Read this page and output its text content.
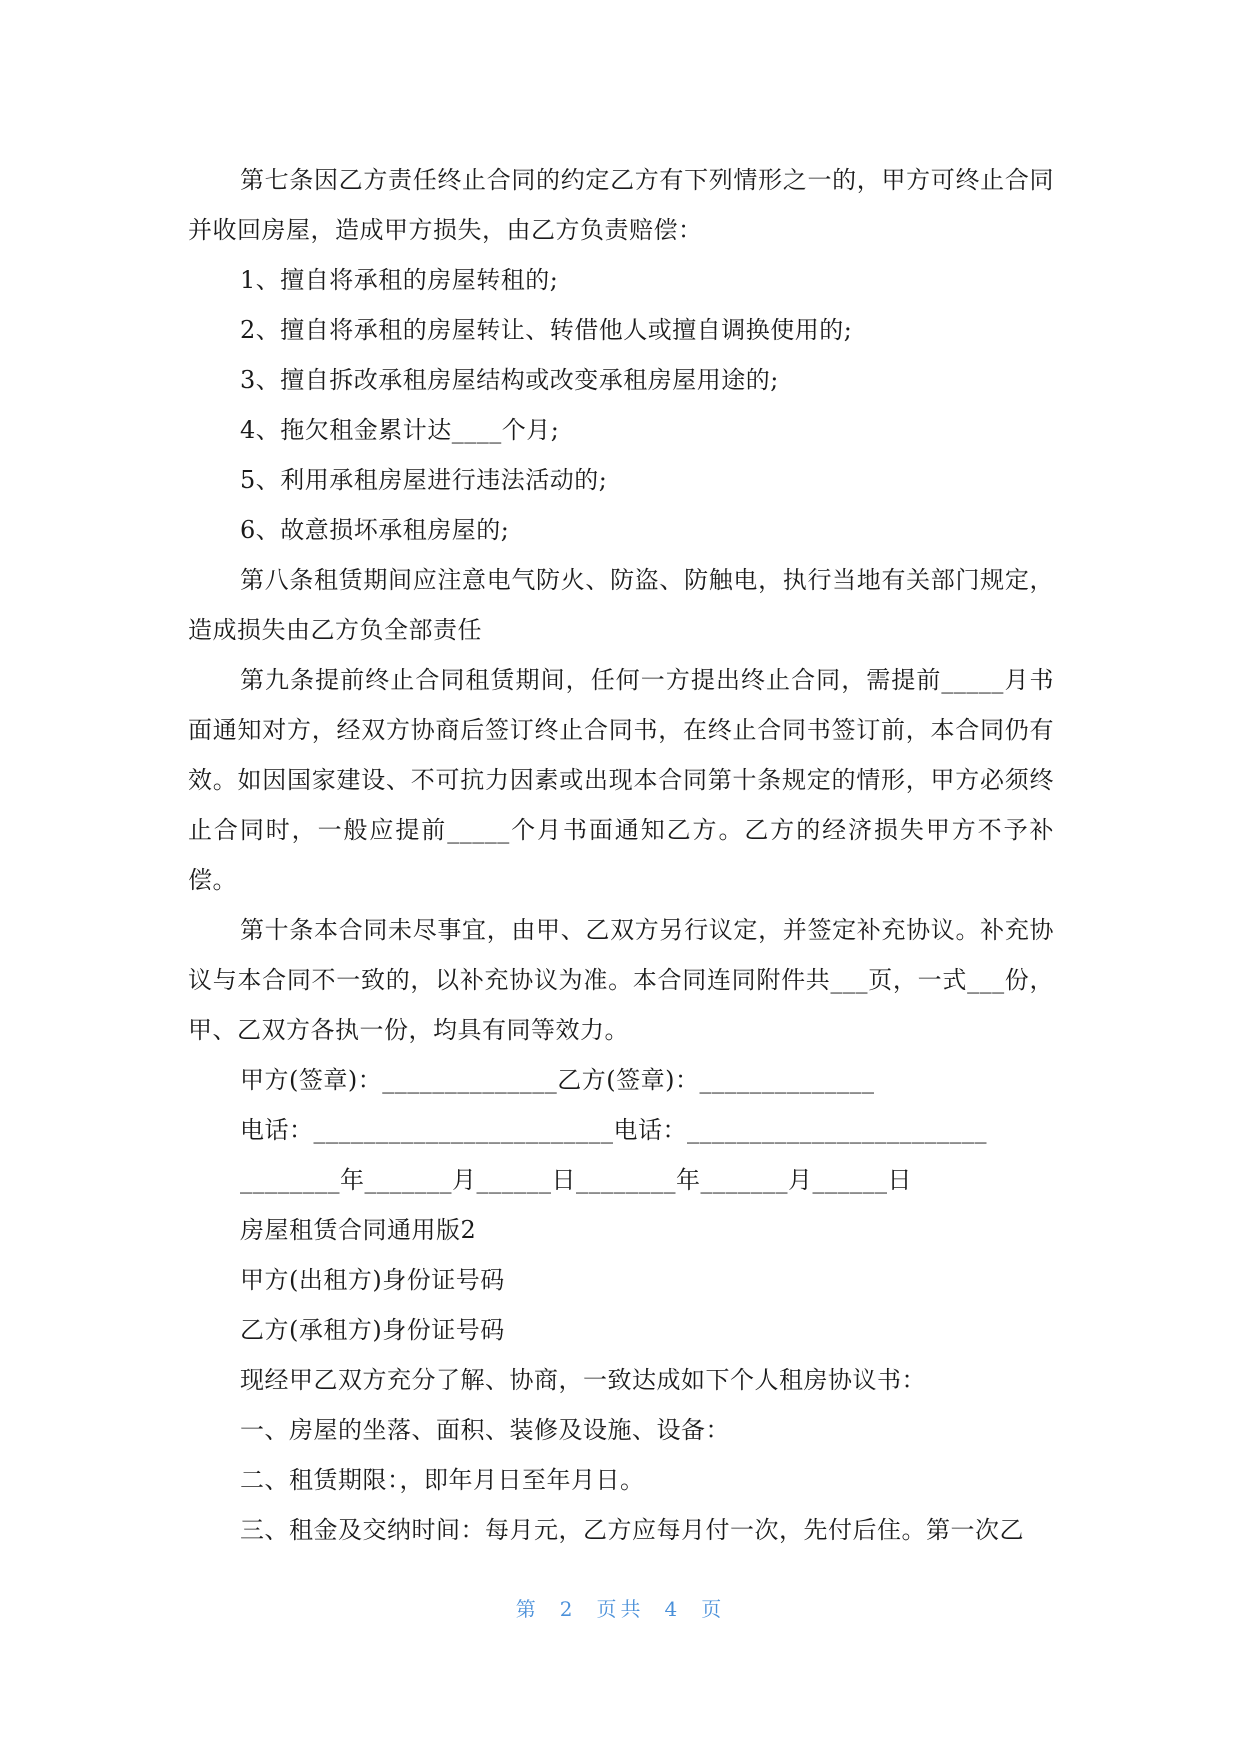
第七条因乙方责任终止合同的约定乙方有下列情形之一的，甲方可终止合同并收回房屋，造成甲方损失，由乙方负责赔偿：

1、擅自将承租的房屋转租的;

2、擅自将承租的房屋转让、转借他人或擅自调换使用的;

3、擅自拆改承租房屋结构或改变承租房屋用途的;

4、拖欠租金累计达____个月;

5、利用承租房屋进行违法活动的;

6、故意损坏承租房屋的;

第八条租赁期间应注意电气防火、防盗、防触电，执行当地有关部门规定，造成损失由乙方负全部责任

第九条提前终止合同租赁期间，任何一方提出终止合同，需提前_____月书面通知对方，经双方协商后签订终止合同书，在终止合同书签订前，本合同仍有效。如因国家建设、不可抗力因素或出现本合同第十条规定的情形，甲方必须终止合同时，一般应提前_____个月书面通知乙方。乙方的经济损失甲方不予补偿。

第十条本合同未尽事宜，由甲、乙双方另行议定，并签定补充协议。补充协议与本合同不一致的，以补充协议为准。本合同连同附件共___页，一式___份，甲、乙双方各执一份，均具有同等效力。

甲方(签章)：______________乙方(签章)：______________

电话：________________________电话：________________________

________年_______月______日________年_______月______日

房屋租赁合同通用版2

甲方(出租方)身份证号码

乙方(承租方)身份证号码

现经甲乙双方充分了解、协商，一致达成如下个人租房协议书：

一、房屋的坐落、面积、装修及设施、设备：

二、租赁期限：，即年月日至年月日。

三、租金及交纳时间：每月元，乙方应每月付一次，先付后住。第一次乙

第 2 页共 4 页
